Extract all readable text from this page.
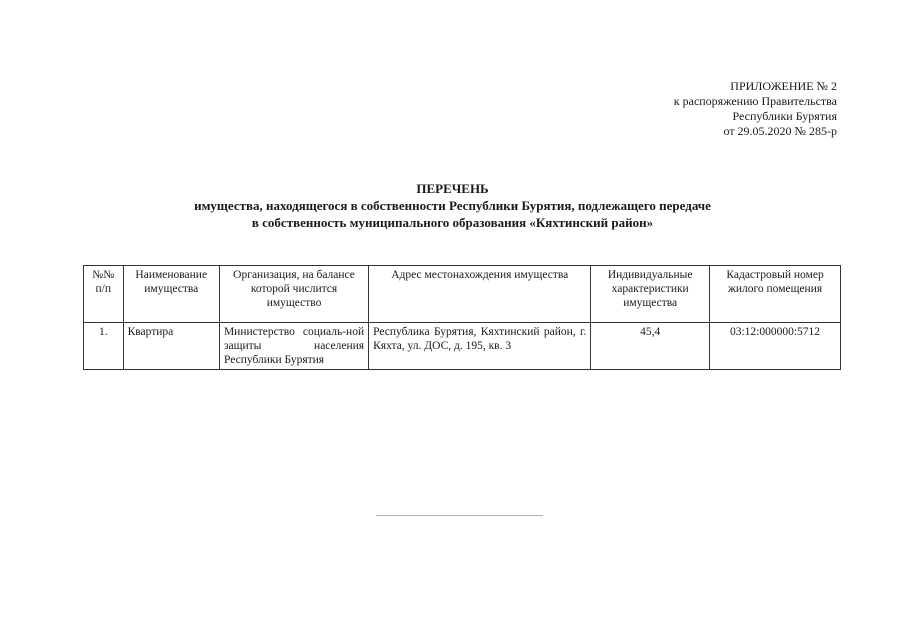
ПРИЛОЖЕНИЕ № 2
к распоряжению Правительства
Республики Бурятия
от 29.05.2020 № 285-р
ПЕРЕЧЕНЬ
имущества, находящегося в собственности Республики Бурятия, подлежащего передаче
в собственность муниципального образования «Кяхтинский район»
№№ п/п	Наименование имущества	Организация, на балансе которой числится имущество	Адрес местонахождения имущества	Индивидуальные характеристики имущества	Кадастровый номер жилого помещения
1.	Квартира	Министерство социаль-ной защиты населения Республики Бурятия	Республика Бурятия, Кяхтинский район, г. Кяхта, ул. ДОС, д. 195, кв. 3	45,4	03:12:000000:5712
